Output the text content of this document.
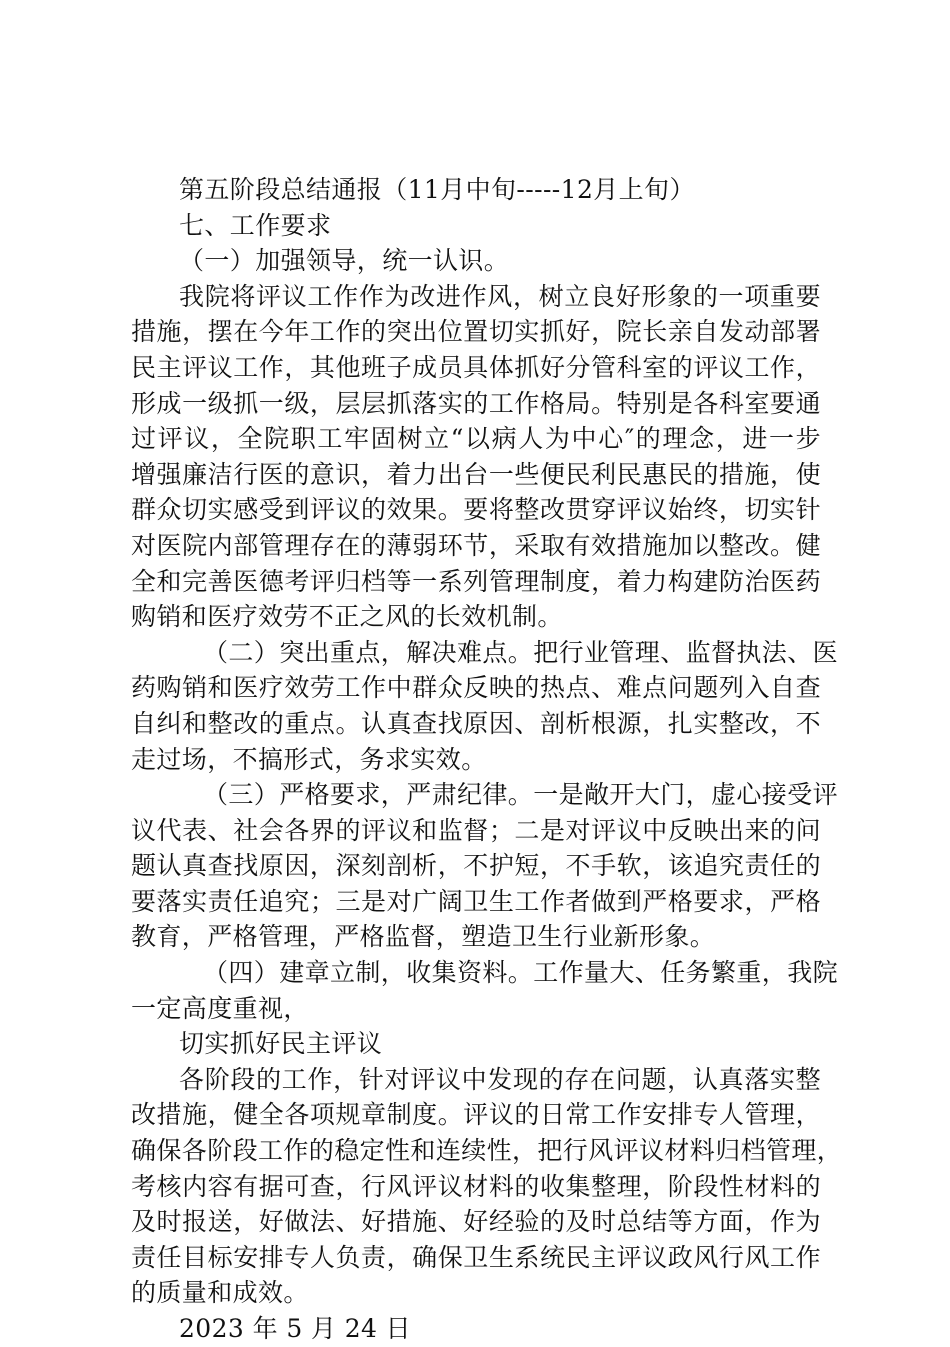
第五阶段总结通报（11月中旬-----12月上旬）
七、工作要求
（一）加强领导，统一认识。
我院将评议工作作为改进作风，树立良好形象的一项重要
措施，摆在今年工作的突出位置切实抓好，院长亲自发动部署
民主评议工作，其他班子成员具体抓好分管科室的评议工作，
形成一级抓一级，层层抓落实的工作格局。特别是各科室要通
过评议，全院职工牢固树立“以病人为中心″的理念，进一步
增强廉洁行医的意识，着力出台一些便民利民惠民的措施，使
群众切实感受到评议的效果。要将整改贯穿评议始终，切实针
对医院内部管理存在的薄弱环节，采取有效措施加以整改。健
全和完善医德考评归档等一系列管理制度，着力构建防治医药
购销和医疗效劳不正之风的长效机制。
（二）突出重点，解决难点。把行业管理、监督执法、医
药购销和医疗效劳工作中群众反映的热点、难点问题列入自查
自纠和整改的重点。认真查找原因、剖析根源，扎实整改，不
走过场，不搞形式，务求实效。
（三）严格要求，严肃纪律。一是敞开大门，虚心接受评
议代表、社会各界的评议和监督；二是对评议中反映出来的问
题认真查找原因，深刻剖析，不护短，不手软，该追究责任的
要落实责任追究；三是对广阔卫生工作者做到严格要求，严格
教育，严格管理，严格监督，塑造卫生行业新形象。
（四）建章立制，收集资料。工作量大、任务繁重，我院
一定高度重视，
切实抓好民主评议
各阶段的工作，针对评议中发现的存在问题，认真落实整
改措施，健全各项规章制度。评议的日常工作安排专人管理，
确保各阶段工作的稳定性和连续性，把行风评议材料归档管理，
考核内容有据可查，行风评议材料的收集整理，阶段性材料的
及时报送，好做法、好措施、好经验的及时总结等方面，作为
责任目标安排专人负责，确保卫生系统民主评议政风行风工作
的质量和成效。
2023 年 5 月 24 日
